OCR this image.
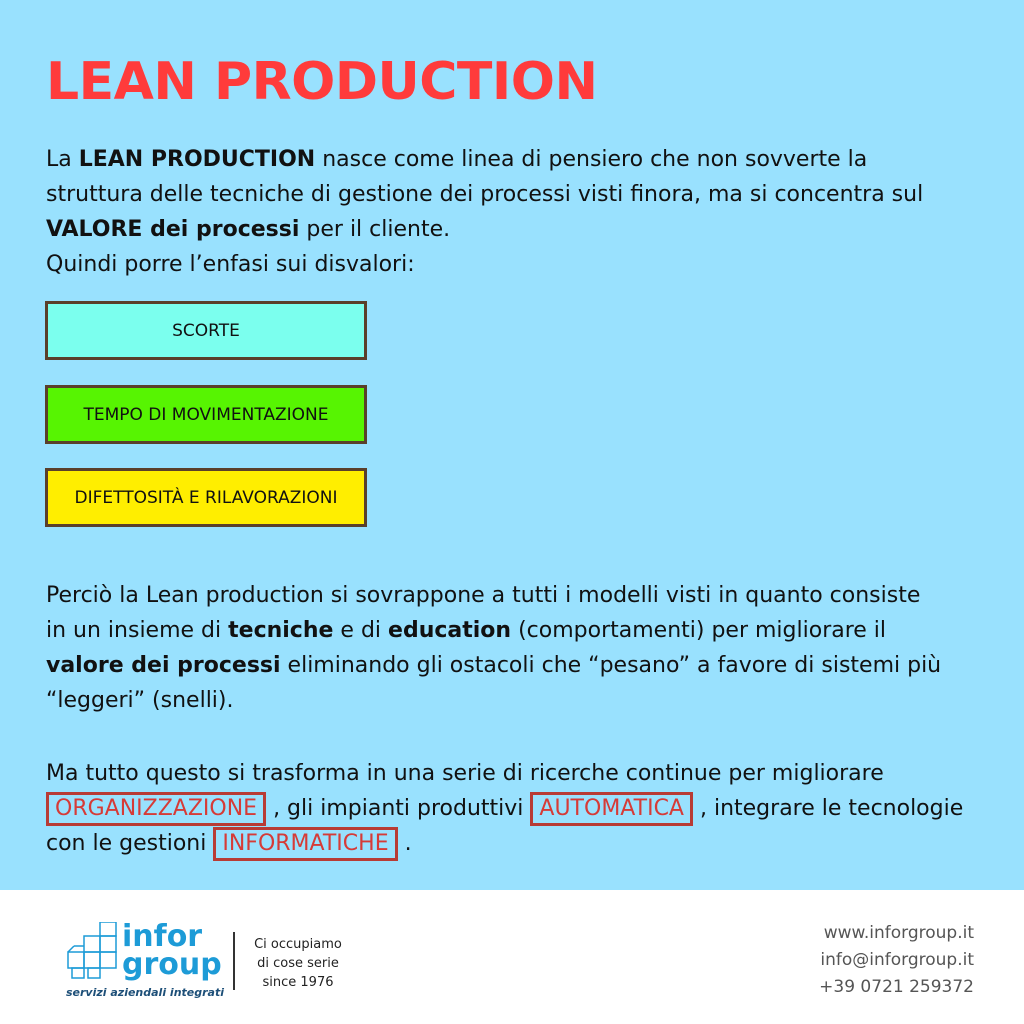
LEAN PRODUCTION

La LEAN PRODUCTION nasce come linea di pensiero che non sovverte la struttura delle tecniche di gestione dei processi visti finora, ma si concentra sul VALORE dei processi per il cliente.
Quindi porre l’enfasi sui disvalori:

SCORTE
TEMPO DI MOVIMENTAZIONE
DIFETTOSITÀ E RILAVORAZIONI

Perciò la Lean production si sovrappone a tutti i modelli visti in quanto consiste in un insieme di tecniche e di education (comportamenti) per migliorare il valore dei processi eliminando gli ostacoli che “pesano” a favore di sistemi più “leggeri” (snelli).

Ma tutto questo si trasforma in una serie di ricerche continue per migliorare ORGANIZZAZIONE , gli impianti produttivi AUTOMATICA , integrare le tecnologie con le gestioni INFORMATICHE .

infor
group
servizi aziendali integrati
Ci occupiamo
di cose serie
since 1976
www.inforgroup.it
info@inforgroup.it
+39 0721 259372
